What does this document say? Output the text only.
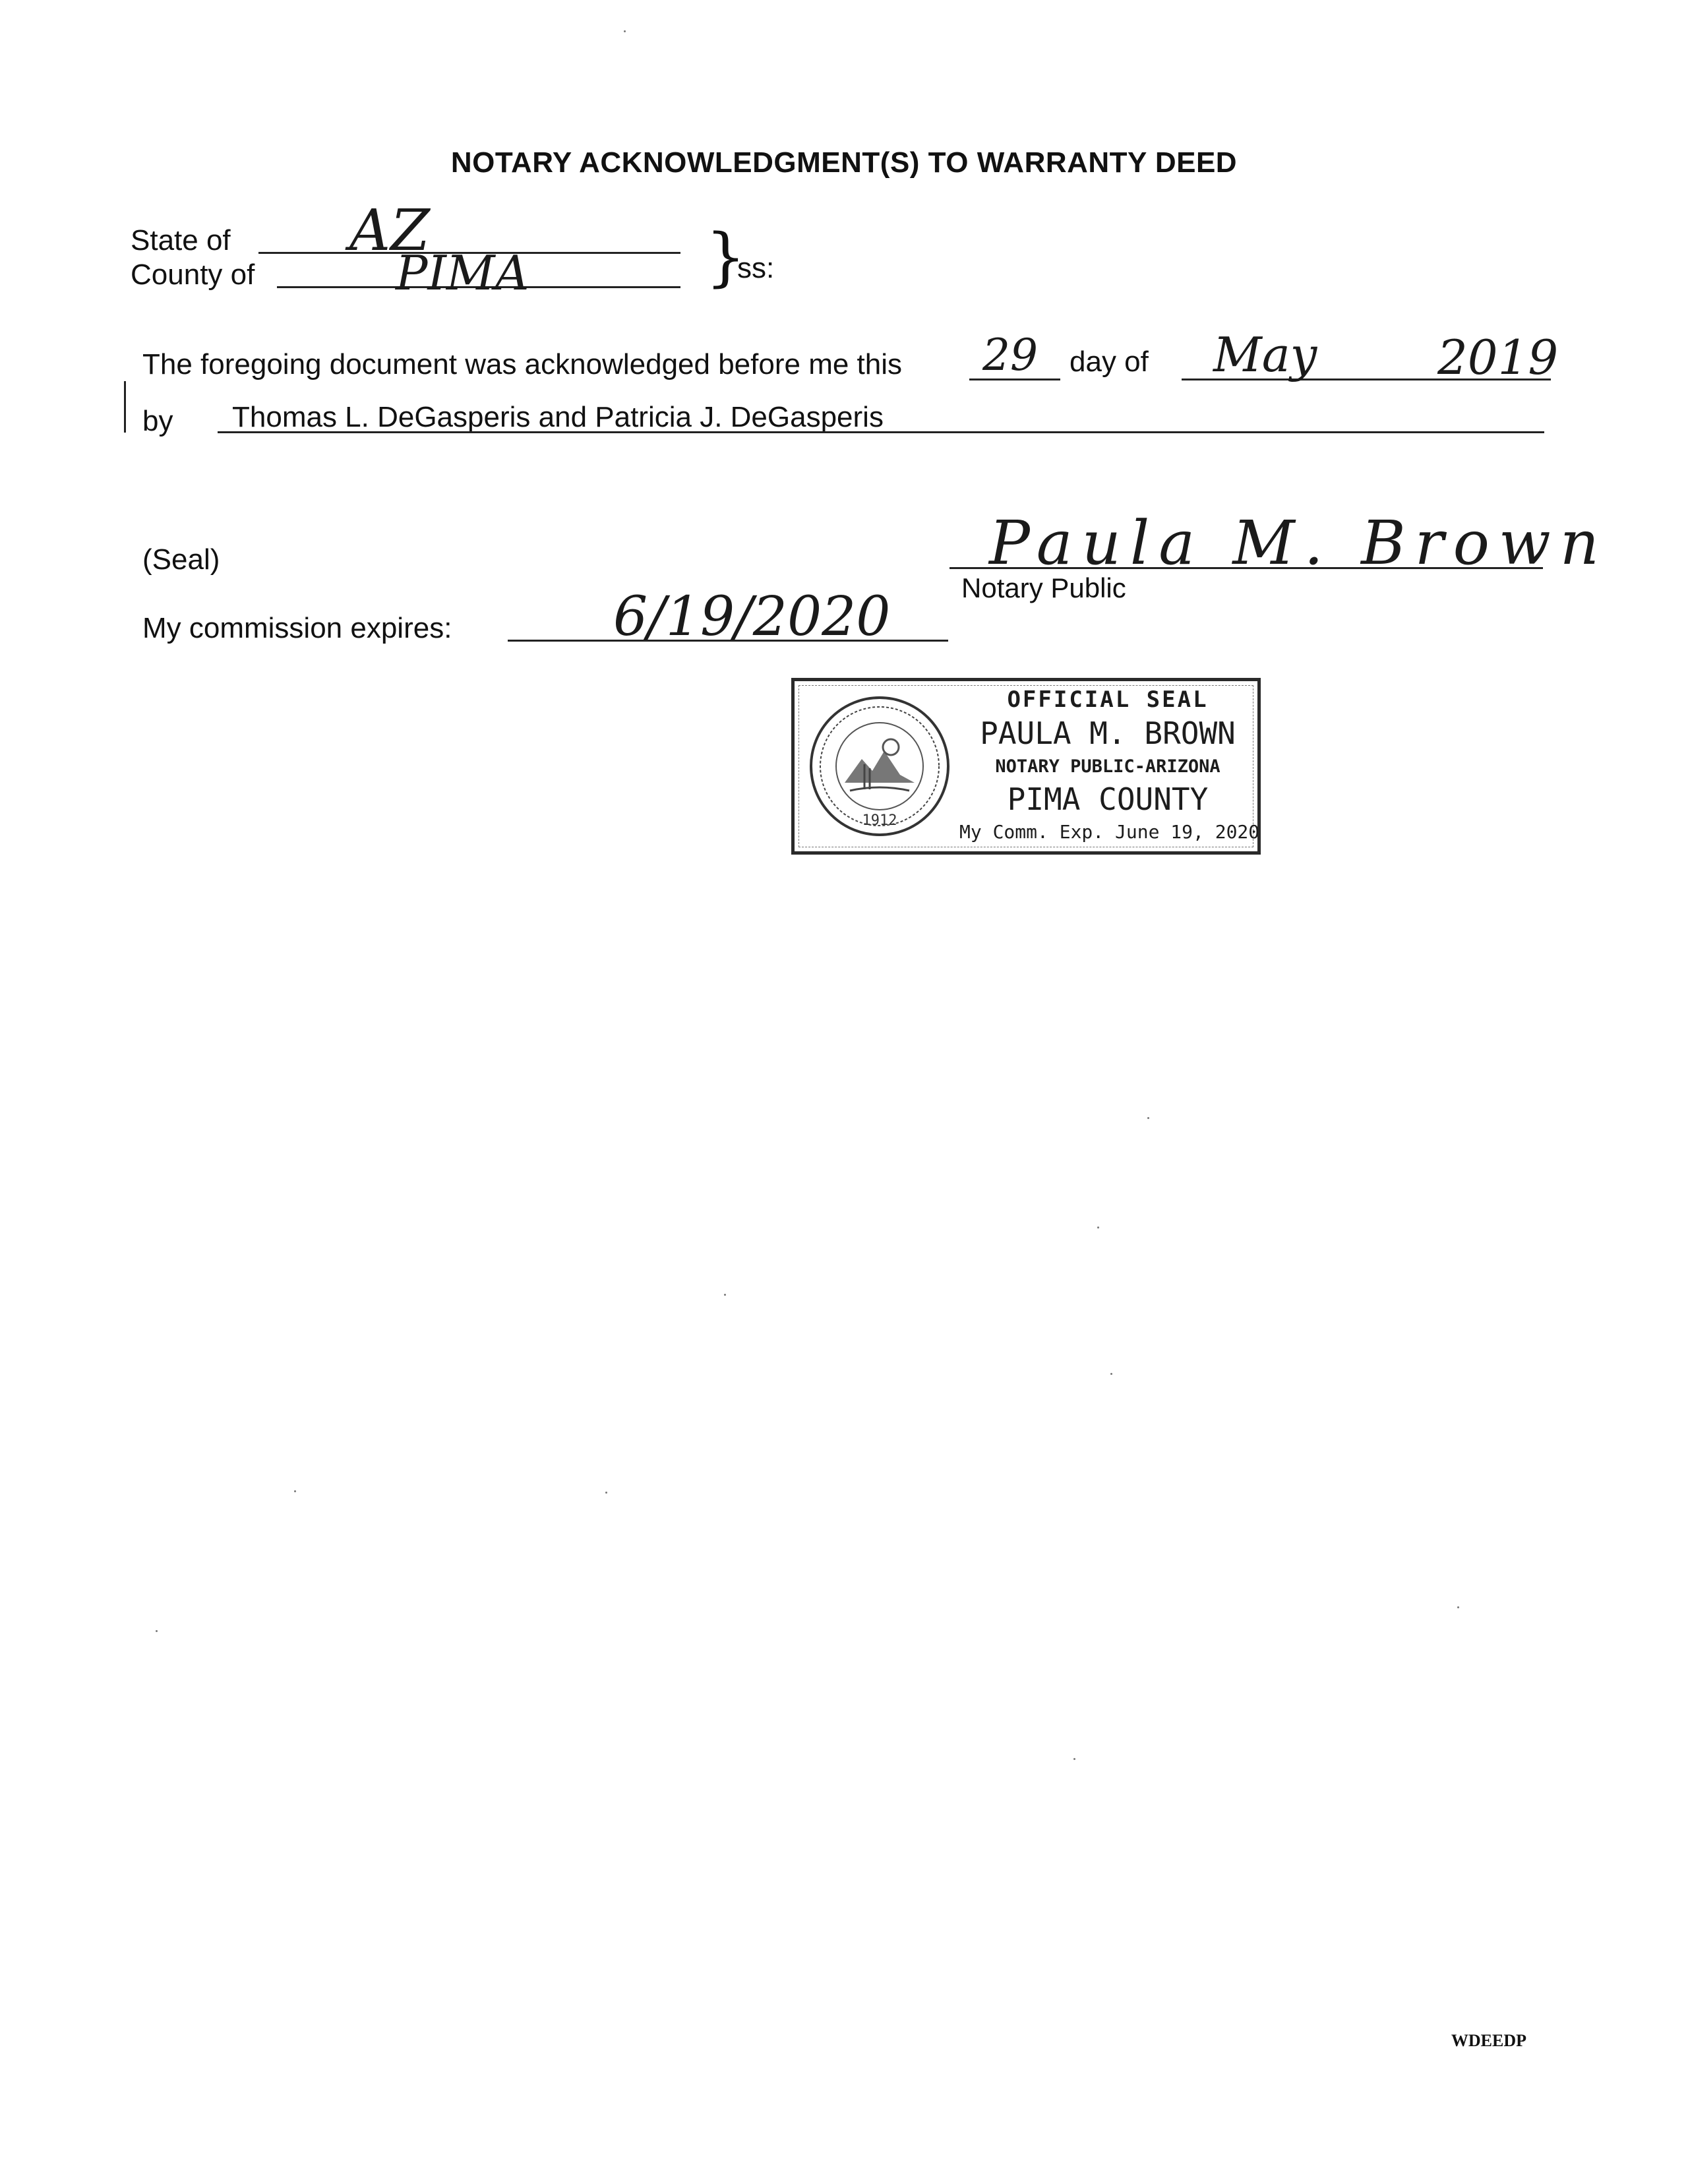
NOTARY ACKNOWLEDGMENT(S) TO WARRANTY DEED
State of AZ
County of	PIMA	}
ss:
The foregoing document was acknowledged before me this 29 day of May	2019
by Thomas L. DeGasperis and Patricia J. DeGasperis
(Seal)	Paula M. Brown
Notary Public
My commission expires:	6/19/2020
1912
OFFICIAL SEAL
PAULA M. BROWN
NOTARY PUBLIC-ARIZONA
PIMA COUNTY
My Comm. Exp. June 19, 2020
WDEEDP
